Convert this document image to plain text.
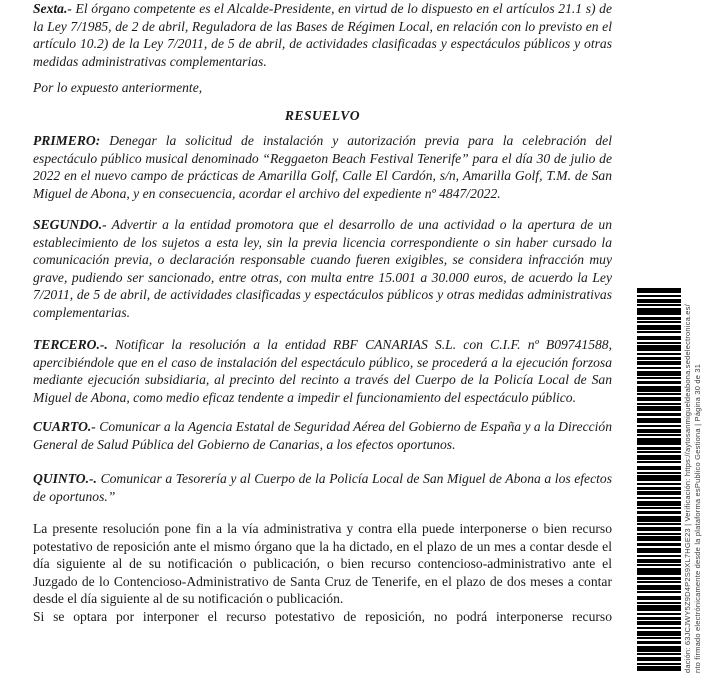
Sexta.- El órgano competente es el Alcalde-Presidente, en virtud de lo dispuesto en el artículos 21.1 s) de la Ley 7/1985, de 2 de abril, Reguladora de las Bases de Régimen Local, en relación con lo previsto en el artículo 10.2) de la Ley 7/2011, de 5 de abril, de actividades clasificadas y espectáculos públicos y otras medidas administrativas complementarias.

Por lo expuesto anteriormente,

RESUELVO

PRIMERO: Denegar la solicitud de instalación y autorización previa para la celebración del espectáculo público musical denominado “Reggaeton Beach Festival Tenerife” para el día 30 de julio de 2022 en el nuevo campo de prácticas de Amarilla Golf, Calle El Cardón, s/n, Amarilla Golf, T.M. de San Miguel de Abona, y en consecuencia, acordar el archivo del expediente nº 4847/2022.

SEGUNDO.- Advertir a la entidad promotora que el desarrollo de una actividad o la apertura de un establecimiento de los sujetos a esta ley, sin la previa licencia correspondiente o sin haber cursado la comunicación previa, o declaración responsable cuando fueren exigibles, se considera infracción muy grave, pudiendo ser sancionado, entre otras, con multa entre 15.001 a 30.000 euros, de acuerdo la Ley 7/2011, de 5 de abril, de actividades clasificadas y espectáculos públicos y otras medidas administrativas complementarias.

TERCERO.-. Notificar la resolución a la entidad RBF CANARIAS S.L. con C.I.F. nº B09741588, apercibiéndole que en el caso de instalación del espectáculo público, se procederá a la ejecución forzosa mediante ejecución subsidiaria, al precinto del recinto a través del Cuerpo de la Policía Local de San Miguel de Abona, como medio eficaz tendente a impedir el funcionamiento del espectáculo público.

CUARTO.- Comunicar a la Agencia Estatal de Seguridad Aérea del Gobierno de España y a la Dirección General de Salud Pública del Gobierno de Canarias, a los efectos oportunos.

QUINTO.-. Comunicar a Tesorería y al Cuerpo de la Policía Local de San Miguel de Abona a los efectos de oportunos.”

La presente resolución pone fin a la vía administrativa y contra ella puede interponerse o bien recurso potestativo de reposición ante el mismo órgano que la ha dictado, en el plazo de un mes a contar desde el día siguiente al de su notificación o publicación, o bien recurso contencioso-administrativo ante el Juzgado de lo Contencioso-Administrativo de Santa Cruz de Tenerife, en el plazo de dos meses a contar desde el día siguiente al de su notificación o publicación.

Si se optara por interponer el recurso potestativo de reposición, no podrá interponerse recurso	dación: 63JCJWY5Z9D4P2S9XL7HGE23 | Verificación: https://aytosanmigueldeabona.sedelectronica.es/ nto firmado electrónicamente desde la plataforma esPublico Gestiona | Página 30 de 31
